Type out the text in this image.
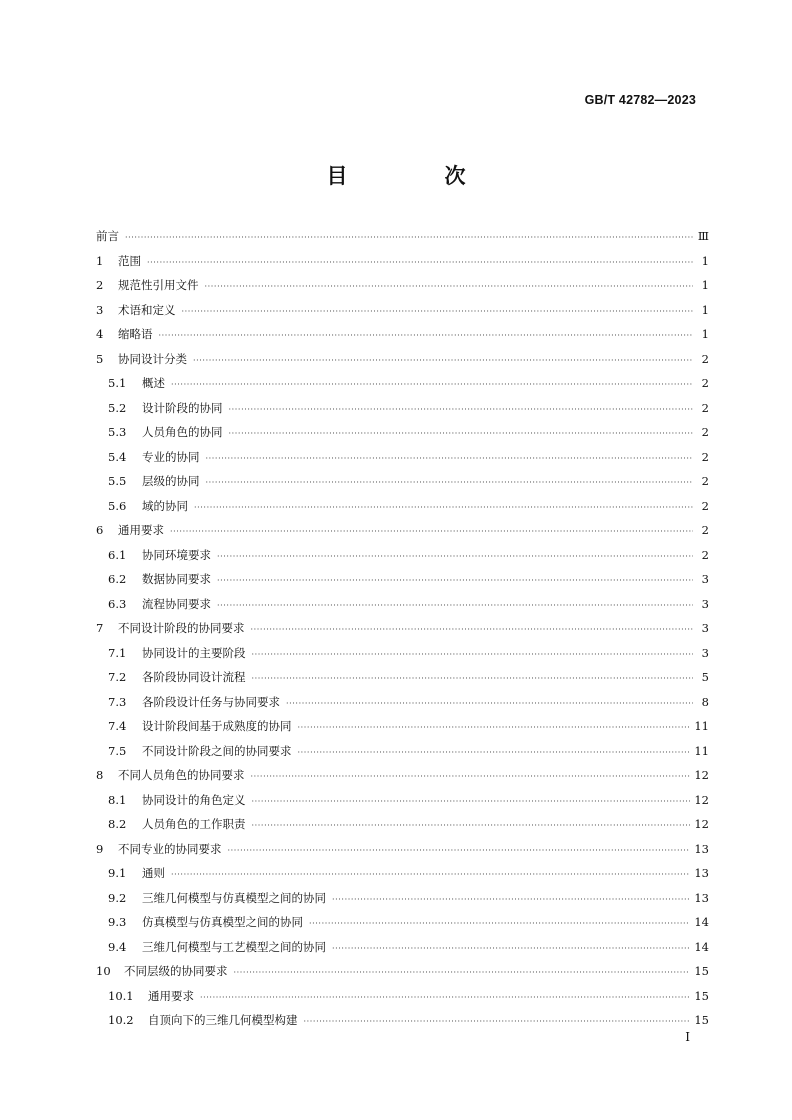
GB/T 42782—2023
目　次
前言 ·····	Ⅲ
1	范围 ·····	1
2	规范性引用文件 ·····	1
3	术语和定义 ·····	1
4	缩略语 ·····	1
5	协同设计分类 ·····	2
5.1	概述 ·····	2
5.2	设计阶段的协同 ·····	2
5.3	人员角色的协同 ·····	2
5.4	专业的协同 ·····	2
5.5	层级的协同 ·····	2
5.6	域的协同 ·····	2
6	通用要求 ·····	2
6.1	协同环境要求 ·····	2
6.2	数据协同要求 ·····	3
6.3	流程协同要求 ·····	3
7	不同设计阶段的协同要求 ·····	3
7.1	协同设计的主要阶段 ·····	3
7.2	各阶段协同设计流程 ·····	5
7.3	各阶段设计任务与协同要求 ·····	8
7.4	设计阶段间基于成熟度的协同 ·····	11
7.5	不同设计阶段之间的协同要求 ·····	11
8	不同人员角色的协同要求 ·····	12
8.1	协同设计的角色定义 ·····	12
8.2	人员角色的工作职责 ·····	12
9	不同专业的协同要求 ·····	13
9.1	通则 ·····	13
9.2	三维几何模型与仿真模型之间的协同 ·····	13
9.3	仿真模型与仿真模型之间的协同 ·····	14
9.4	三维几何模型与工艺模型之间的协同 ·····	14
10	不同层级的协同要求 ·····	15
10.1	通用要求 ·····	15
10.2	自顶向下的三维几何模型构建 ·····	15
I
